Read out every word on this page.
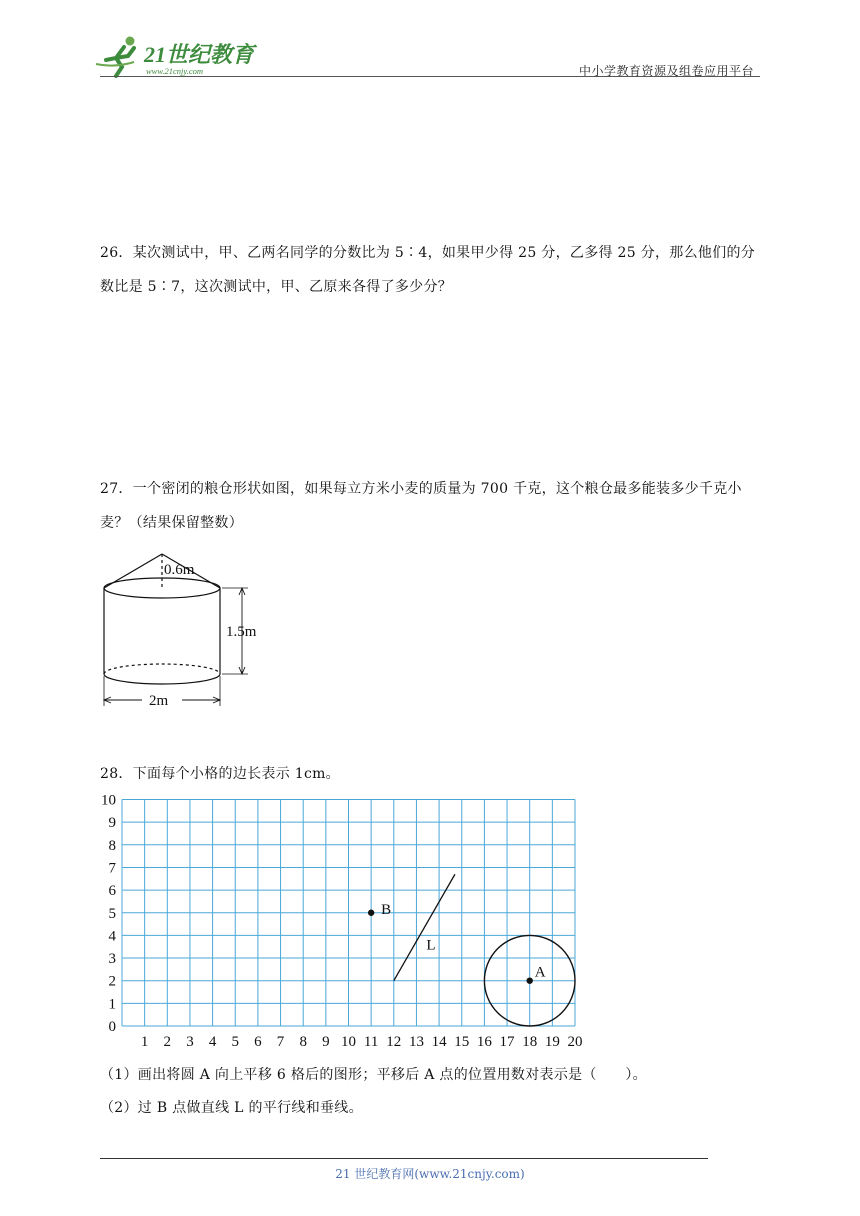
21世纪教育
www.21cnjy.com	中小学教育资源及组卷应用平台
26．某次测试中，甲、乙两名同学的分数比为 5∶4，如果甲少得 25 分，乙多得 25 分，那么他们的分数比是 5∶7，这次测试中，甲、乙原来各得了多少分？
27．一个密闭的粮仓形状如图，如果每立方米小麦的质量为 700 千克，这个粮仓最多能装多少千克小麦？（结果保留整数）
0.6m
1.5m
2m
28．下面每个小格的边长表示 1cm。
1 2 3 4 5 6 7 8 9 10 11 12 13 14 15 16 17 18 19 20
0
1
2
3
4
5
6
7
8
9
10
B
A
L
（1）画出将圆 A 向上平移 6 格后的图形；平移后 A 点的位置用数对表示是（　　）。
（2）过 B 点做直线 L 的平行线和垂线。
21 世纪教育网(www.21cnjy.com)
